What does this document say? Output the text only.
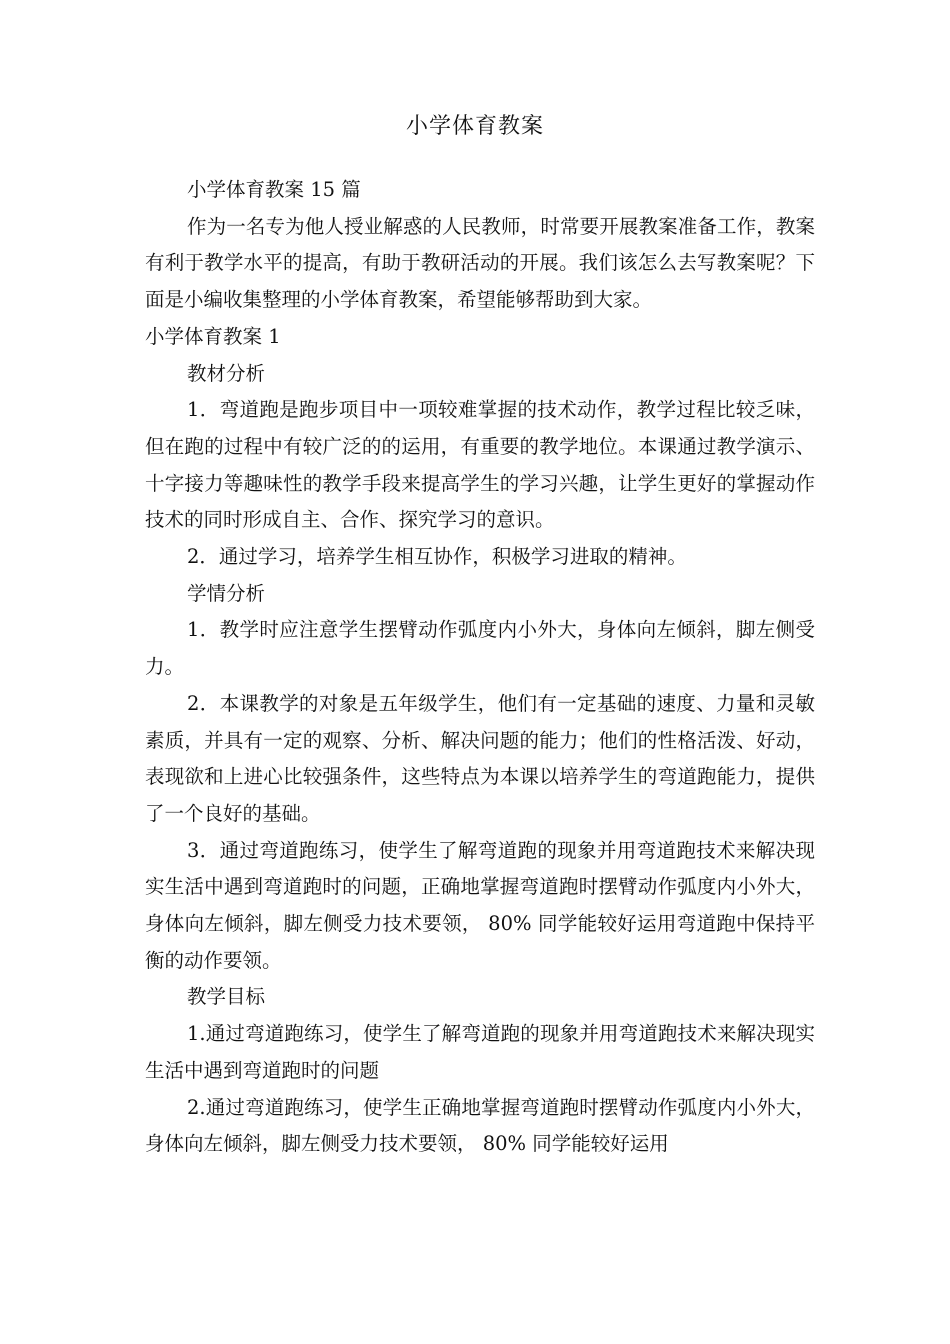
小学体育教案

小学体育教案 15 篇

作为一名专为他人授业解惑的人民教师，时常要开展教案准备工作，教案有利于教学水平的提高，有助于教研活动的开展。我们该怎么去写教案呢？下面是小编收集整理的小学体育教案，希望能够帮助到大家。

小学体育教案 1

教材分析

1．弯道跑是跑步项目中一项较难掌握的技术动作，教学过程比较乏味，但在跑的过程中有较广泛的的运用，有重要的教学地位。本课通过教学演示、十字接力等趣味性的教学手段来提高学生的学习兴趣，让学生更好的掌握动作技术的同时形成自主、合作、探究学习的意识。

2．通过学习，培养学生相互协作，积极学习进取的精神。

学情分析

1．教学时应注意学生摆臂动作弧度内小外大，身体向左倾斜，脚左侧受力。

2．本课教学的对象是五年级学生，他们有一定基础的速度、力量和灵敏素质，并具有一定的观察、分析、解决问题的能力；他们的性格活泼、好动，表现欲和上进心比较强条件，这些特点为本课以培养学生的弯道跑能力，提供了一个良好的基础。

3．通过弯道跑练习，使学生了解弯道跑的现象并用弯道跑技术来解决现实生活中遇到弯道跑时的问题，正确地掌握弯道跑时摆臂动作弧度内小外大，身体向左倾斜，脚左侧受力技术要领， 80% 同学能较好运用弯道跑中保持平衡的动作要领。

教学目标

1.通过弯道跑练习，使学生了解弯道跑的现象并用弯道跑技术来解决现实生活中遇到弯道跑时的问题

2.通过弯道跑练习，使学生正确地掌握弯道跑时摆臂动作弧度内小外大，身体向左倾斜，脚左侧受力技术要领， 80% 同学能较好运用
